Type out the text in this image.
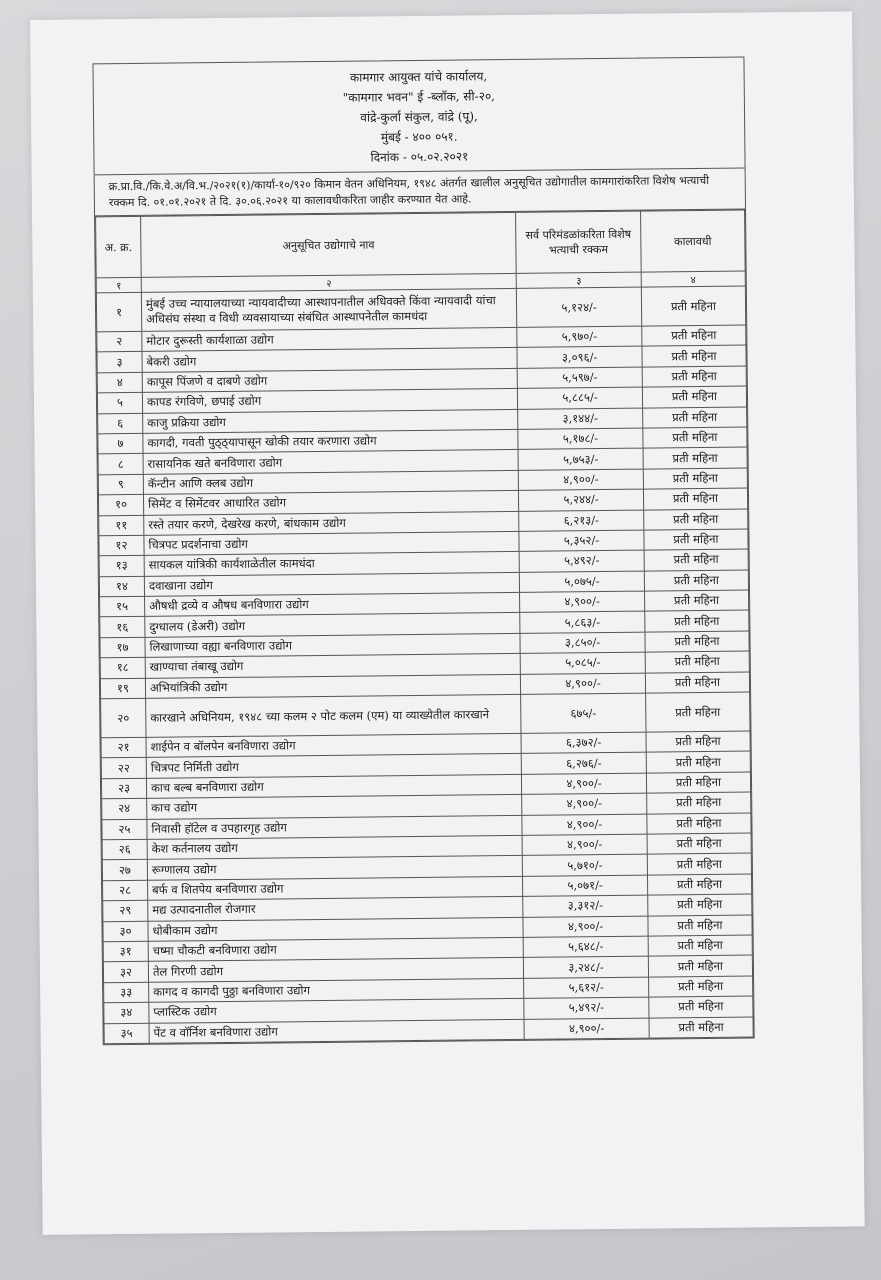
कामगार आयुक्त यांचे कार्यालय,
"कामगार भवन" ई -ब्लॉक, सी-२०,
वांद्रे-कुर्ला संकुल, वांद्रे (पू),
मुंबई - ४०० ०५१.
दिनांक - ०५.०२.२०२१
क्र.प्रा.वि./कि.वे.अ/वि.भ./२०२१(१)/कार्या-१०/९२० किमान वेतन अधिनियम, १९४८ अंतर्गत खालील अनुसूचित उद्योगातील कामगारांकरिता विशेष भत्याची रक्कम दि. ०१.०१.२०२१ ते दि. ३०.०६.२०२१ या कालावधीकरिता जाहीर करण्यात येत आहे.
अ. क्र.	अनुसूचित उद्योगाचे नाव	सर्व परिमंडळांकरिता विशेष भत्याची रक्कम	कालावधी
१	२	३	४
१	मुंबई उच्च न्यायालयाच्या न्यायवादीच्या आस्थापनातील अधिवक्ते किंवा न्यायवादी यांचा अधिसंघ संस्था व विधी व्यवसायाच्या संबंधित आस्थापनेतील कामधंदा	५,१२४/-	प्रती महिना
२	मोटार दुरूस्ती कार्यशाळा उद्योग	५,९७०/-	प्रती महिना
३	बेकरी उद्योग	३,०९६/-	प्रती महिना
४	कापूस पिंजणे व दाबणे उद्योग	५,५९७/-	प्रती महिना
५	कापड रंगविणे, छपाई उद्योग	५,८८५/-	प्रती महिना
६	काजु प्रक्रिया उद्योग	३,१४४/-	प्रती महिना
७	कागदी, गवती पुठ्ठ्यापासून खोकी तयार करणारा उद्योग	५,१७८/-	प्रती महिना
८	रासायनिक खते बनविणारा उद्योग	५,७५३/-	प्रती महिना
९	कॅन्टीन आणि क्लब उद्योग	४,९००/-	प्रती महिना
१०	सिमेंट व सिमेंटवर आधारित उद्योग	५,२४४/-	प्रती महिना
११	रस्ते तयार करणे, देखरेख करणे, बांधकाम उद्योग	६,२१३/-	प्रती महिना
१२	चित्रपट प्रदर्शनाचा उद्योग	५,३५२/-	प्रती महिना
१३	सायकल यांत्रिकी कार्यशाळेतील कामधंदा	५,४९२/-	प्रती महिना
१४	दवाखाना उद्योग	५,०७५/-	प्रती महिना
१५	औषधी द्रव्ये व औषध बनविणारा उद्योग	४,९००/-	प्रती महिना
१६	दुग्धालय (डेअरी) उद्योग	५,८६३/-	प्रती महिना
१७	लिखाणाच्या वह्या बनविणारा उद्योग	३,८५०/-	प्रती महिना
१८	खाण्याचा तंबाखू उद्योग	५,०८५/-	प्रती महिना
१९	अभियांत्रिकी उद्योग	४,९००/-	प्रती महिना
२०	कारखाने अधिनियम, १९४८ च्या कलम २ पोट कलम (एम) या व्याख्येतील कारखाने	६७५/-	प्रती महिना
२१	शाईपेन व बॉलपेन बनविणारा उद्योग	६,३७२/-	प्रती महिना
२२	चित्रपट निर्मिती उद्योग	६,२७६/-	प्रती महिना
२३	काच बल्ब बनविणारा उद्योग	४,९००/-	प्रती महिना
२४	काच उद्योग	४,९००/-	प्रती महिना
२५	निवासी हॉटेल व उपहारगृह उद्योग	४,९००/-	प्रती महिना
२६	केश कर्तनालय उद्योग	४,९००/-	प्रती महिना
२७	रूग्णालय उद्योग	५,७१०/-	प्रती महिना
२८	बर्फ व शितपेय बनविणारा उद्योग	५,०७१/-	प्रती महिना
२९	मद्य उत्पादनातील रोजगार	३,३१२/-	प्रती महिना
३०	धोबीकाम उद्योग	४,९००/-	प्रती महिना
३१	चष्मा चौकटी बनविणारा उद्योग	५,६४८/-	प्रती महिना
३२	तेल गिरणी उद्योग	३,२४८/-	प्रती महिना
३३	कागद व कागदी पुठ्ठा बनविणारा उद्योग	५,६१२/-	प्रती महिना
३४	प्लास्टिक उद्योग	५,४९२/-	प्रती महिना
३५	पेंट व वॉर्निश बनविणारा उद्योग	४,९००/-	प्रती महिना
